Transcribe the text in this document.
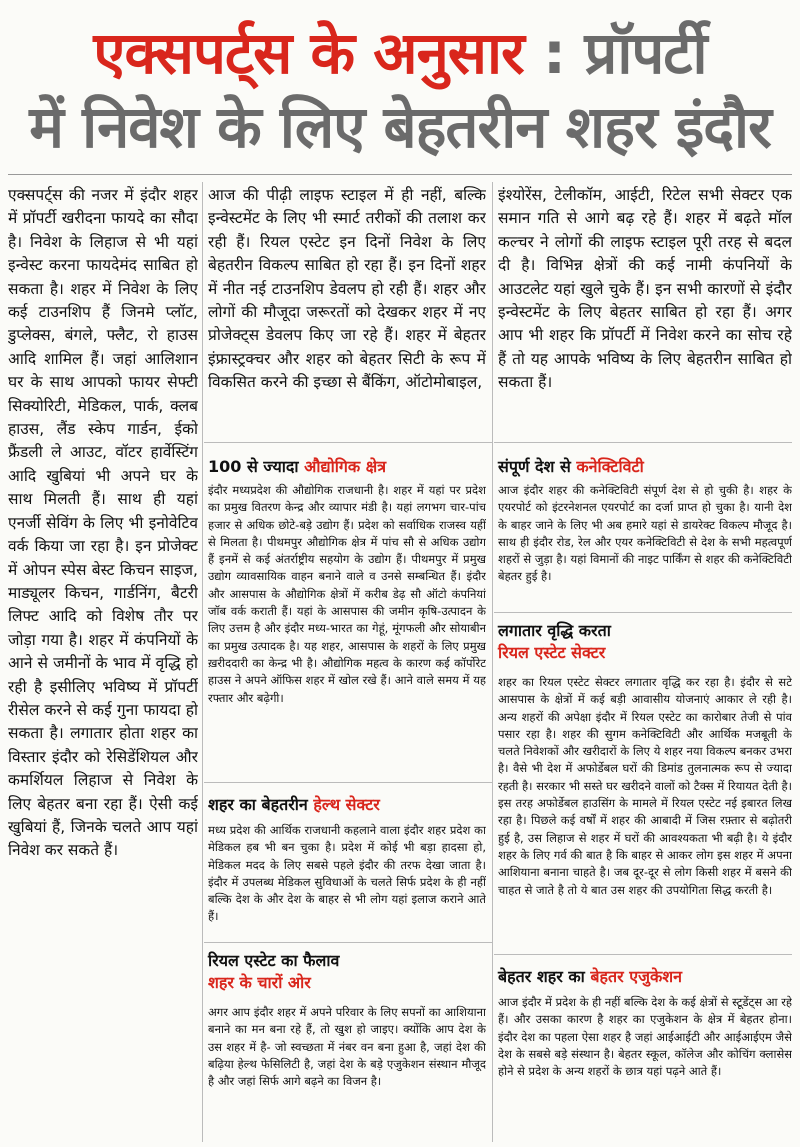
एक्सपर्ट्स के अनुसार : प्रॉपर्टी
में निवेश के लिए बेहतरीन शहर इंदौर

एक्सपर्ट्स की नजर में इंदौर शहर में प्रॉपर्टी खरीदना फायदे का सौदा है। निवेश के लिहाज से भी यहां इन्वेस्ट करना फायदेमंद साबित हो सकता है। शहर में निवेश के लिए कई टाउनशिप हैं जिनमे प्लॉट, डुप्लेक्स, बंगले, फ्लैट, रो हाउस आदि शामिल हैं। जहां आलिशान घर के साथ आपको फायर सेफ्टी सिक्योरिटी, मेडिकल, पार्क, क्लब हाउस, लैंड स्केप गार्डन, ईको फ्रैंडली ले आउट, वॉटर हार्वेस्टिंग आदि खुबियां भी अपने घर के साथ मिलती हैं। साथ ही यहां एनर्जी सेविंग के लिए भी इनोवेटिव वर्क किया जा रहा है। इन प्रोजेक्ट में ओपन स्पेस बेस्ट किचन साइज, माड्यूलर किचन, गार्डनिंग, बैटरी लिफ्ट आदि को विशेष तौर पर जोड़ा गया है। शहर में कंपनियों के आने से जमीनों के भाव में वृद्धि हो रही है इसीलिए भविष्य में प्रॉपर्टी रीसेल करने से कई गुना फायदा हो सकता है। लगातार होता शहर का विस्तार इंदौर को रेसिडेंशियल और कमर्शियल लिहाज से निवेश के लिए बेहतर बना रहा हैं। ऐसी कई खुबियां हैं, जिनके चलते आप यहां निवेश कर सकते हैं।

आज की पीढ़ी लाइफ स्टाइल में ही नहीं, बल्कि इन्वेस्टमेंट के लिए भी स्मार्ट तरीकों की तलाश कर रही हैं। रियल एस्टेट इन दिनों निवेश के लिए बेहतरीन विकल्प साबित हो रहा हैं। इन दिनों शहर में नीत नई टाउनशिप डेवलप हो रही हैं। शहर और लोगों की मौजूदा जरूरतों को देखकर शहर में नए प्रोजेक्ट्स डेवलप किए जा रहे हैं। शहर में बेहतर इंफ्रास्ट्रक्चर और शहर को बेहतर सिटी के रूप में विकसित करने की इच्छा से बैंकिंग, ऑटोमोबाइल,

इंश्योरेंस, टेलीकॉम, आईटी, रिटेल सभी सेक्टर एक समान गति से आगे बढ़ रहे हैं। शहर में बढ़ते मॉल कल्चर ने लोगों की लाइफ स्टाइल पूरी तरह से बदल दी है। विभिन्न क्षेत्रों की कई नामी कंपनियों के आउटलेट यहां खुले चुके हैं। इन सभी कारणों से इंदौर इन्वेस्टमेंट के लिए बेहतर साबित हो रहा हैं। अगर आप भी शहर कि प्रॉपर्टी में निवेश करने का सोच रहे हैं तो यह आपके भविष्य के लिए बेहतरीन साबित हो सकता हैं।

100 से ज्यादा औद्योगिक क्षेत्र

इंदौर मध्यप्रदेश की औद्योगिक राजधानी है। शहर में यहां पर प्रदेश का प्रमुख वितरण केन्द्र और व्यापार मंडी है। यहां लगभग चार-पांच हजार से अधिक छोटे-बड़े उद्योग हैं। प्रदेश को सर्वाधिक राजस्व यहीं से मिलता है। पीथमपुर औद्योगिक क्षेत्र में पांच सौ से अधिक उद्योग हैं इनमें से कई अंतर्राष्ट्रीय सहयोग के उद्योग हैं। पीथमपुर में प्रमुख उद्योग व्यावसायिक वाहन बनाने वाले व उनसे सम्बन्धित हैं। इंदौर और आसपास के औद्योगिक क्षेत्रों में करीब डेढ़ सौ ऑटो कंपनियां जॉब वर्क कराती हैं। यहां के आसपास की जमीन कृषि-उत्पादन के लिए उत्तम है और इंदौर मध्य-भारत का गेहूं, मूंगफली और सोयाबीन का प्रमुख उत्पादक है। यह शहर, आसपास के शहरों के लिए प्रमुख ख़रीददारी का केन्द्र भी है। औद्योगिक महत्व के कारण कई कॉर्पोरेट हाउस ने अपने ऑफिस शहर में खोल रखे हैं। आने वाले समय में यह रफ्तार और बढ़ेगी।

शहर का बेहतरीन हेल्थ सेक्टर

मध्य प्रदेश की आर्थिक राजधानी कहलाने वाला इंदौर शहर प्रदेश का मेडिकल हब भी बन चुका है। प्रदेश में कोई भी बड़ा हादसा हो, मेडिकल मदद के लिए सबसे पहले इंदौर की तरफ देखा जाता है। इंदौर में उपलब्ध मेडिकल सुविधाओं के चलते सिर्फ प्रदेश के ही नहीं बल्कि देश के और देश के बाहर से भी लोग यहां इलाज कराने आते हैं।

रियल एस्टेट का फैलाव
शहर के चारों ओर

अगर आप इंदौर शहर में अपने परिवार के लिए सपनों का आशियाना बनाने का मन बना रहे हैं, तो खुश हो जाइए। क्योंकि आप देश के उस शहर में है- जो स्वच्छता में नंबर वन बना हुआ है, जहां देश की बढ़िया हेल्थ फेसिलिटी है, जहां देश के बड़े एजुकेशन संस्थान मौजूद है और जहां सिर्फ आगे बढ़ने का विजन है।

संपूर्ण देश से कनेक्टिविटी

आज इंदौर शहर की कनेक्टिविटी संपूर्ण देश से हो चुकी है। शहर के एयरपोर्ट को इंटरनेशनल एयरपोर्ट का दर्जा प्राप्त हो चुका है। यानी देश के बाहर जाने के लिए भी अब हमारे यहां से डायरेक्ट विकल्प मौजूद है। साथ ही इंदौर रोड, रेल और एयर कनेक्टिविटी से देश के सभी महत्वपूर्ण शहरों से जुड़ा है। यहां विमानों की नाइट पार्किंग से शहर की कनेक्टिविटी बेहतर हुई है।

लगातार वृद्धि करता
रियल एस्टेट सेक्टर

शहर का रियल एस्टेट सेक्टर लगातार वृद्धि कर रहा है। इंदौर से सटे आसपास के क्षेत्रों में कई बड़ी आवासीय योजनाएं आकार ले रही है। अन्य शहरों की अपेक्षा इंदौर में रियल एस्टेट का कारोबार तेजी से पांव पसार रहा है। शहर की सुगम कनेक्टिविटी और आर्थिक मजबूती के चलते निवेशकों और खरीदारों के लिए ये शहर नया विकल्प बनकर उभरा है। वैसे भी देश में अफोर्डेबल घरों की डिमांड तुलनात्मक रूप से ज्यादा रहती है। सरकार भी सस्ते घर खरीदने वालों को टैक्स में रियायत देती है। इस तरह अफोर्डेबल हाउसिंग के मामले में रियल एस्टेट नई इबारत लिख रहा है। पिछले कई वर्षों में शहर की आबादी में जिस रफ़्तार से बढ़ोतरी हुई है, उस लिहाज से शहर में घरों की आवश्यकता भी बढ़ी है। ये इंदौर शहर के लिए गर्व की बात है कि बाहर से आकर लोग इस शहर में अपना आशियाना बनाना चाहते है। जब दूर-दूर से लोग किसी शहर में बसने की चाहत से जाते है तो ये बात उस शहर की उपयोगिता सिद्ध करती है।

बेहतर शहर का बेहतर एजुकेशन

आज इंदौर में प्रदेश के ही नहीं बल्कि देश के कई क्षेत्रों से स्टूडेंट्स आ रहे हैं। और उसका कारण है शहर का एजुकेशन के क्षेत्र में बेहतर होना। इंदौर देश का पहला ऐसा शहर है जहां आईआईटी और आईआईएम जैसे देश के सबसे बड़े संस्थान है। बेहतर स्कूल, कॉलेज और कोचिंग क्लासेस होने से प्रदेश के अन्य शहरों के छात्र यहां पढ़ने आते हैं।
